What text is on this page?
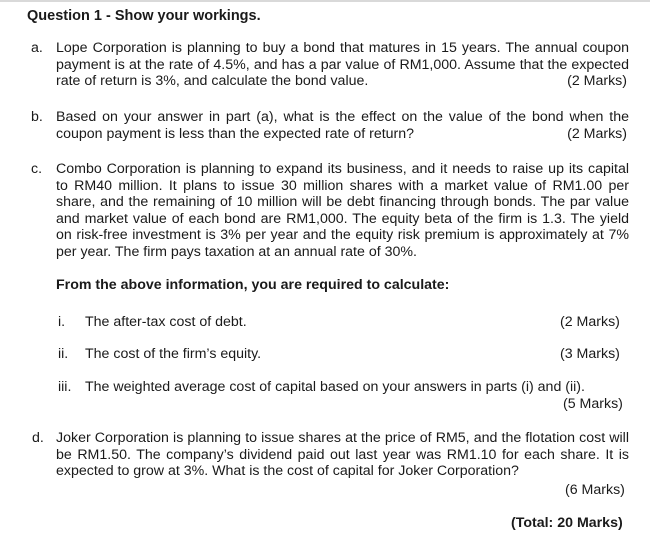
Question 1 - Show your workings.
a. Lope Corporation is planning to buy a bond that matures in 15 years. The annual coupon payment is at the rate of 4.5%, and has a par value of RM1,000. Assume that the expected rate of return is 3%, and calculate the bond value.	(2 Marks)
b. Based on your answer in part (a), what is the effect on the value of the bond when the coupon payment is less than the expected rate of return?	(2 Marks)
c. Combo Corporation is planning to expand its business, and it needs to raise up its capital to RM40 million. It plans to issue 30 million shares with a market value of RM1.00 per share, and the remaining of 10 million will be debt financing through bonds. The par value and market value of each bond are RM1,000. The equity beta of the firm is 1.3. The yield on risk-free investment is 3% per year and the equity risk premium is approximately at 7% per year. The firm pays taxation at an annual rate of 30%.
From the above information, you are required to calculate:
i. The after-tax cost of debt.	(2 Marks)
ii. The cost of the firm’s equity.	(3 Marks)
iii. The weighted average cost of capital based on your answers in parts (i) and (ii).
(5 Marks)
d. Joker Corporation is planning to issue shares at the price of RM5, and the flotation cost will be RM1.50. The company’s dividend paid out last year was RM1.10 for each share. It is expected to grow at 3%. What is the cost of capital for Joker Corporation?
(6 Marks)
(Total: 20 Marks)
